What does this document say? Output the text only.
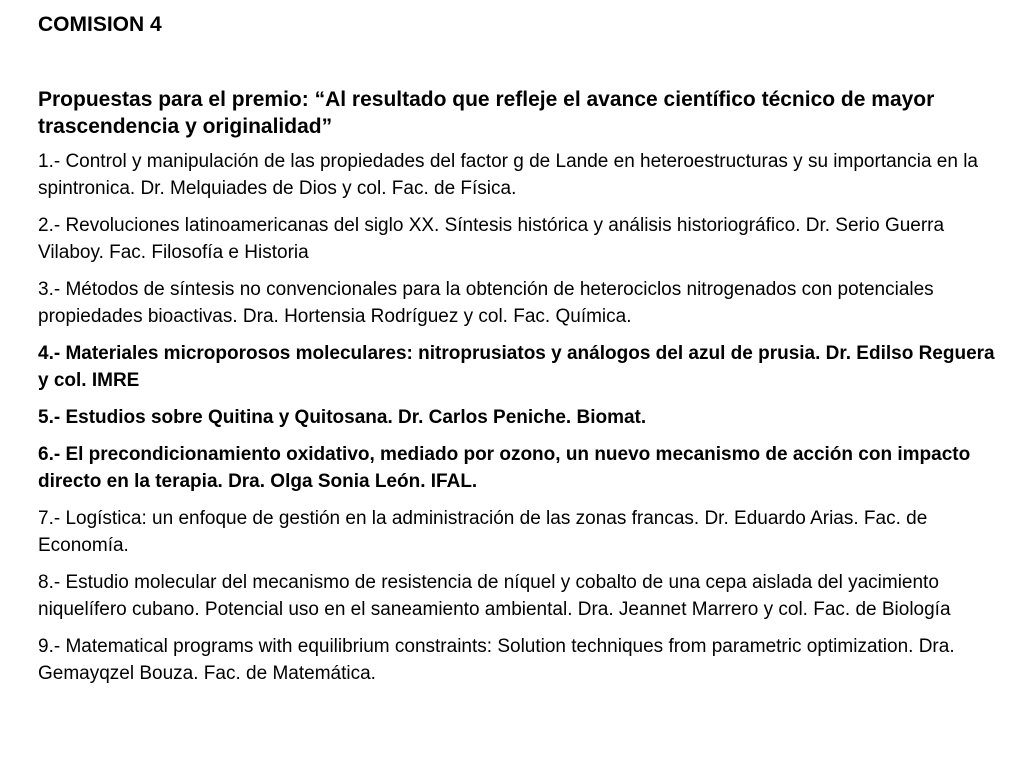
COMISION 4
Propuestas para el premio: “Al resultado que refleje el avance científico técnico de mayor trascendencia y originalidad”
1.- Control y manipulación de las propiedades del factor g de Lande en heteroestructuras y su importancia en la spintronica. Dr. Melquiades de Dios y col. Fac. de Física.
2.- Revoluciones latinoamericanas del siglo XX. Síntesis histórica y análisis historiográfico. Dr. Serio Guerra Vilaboy. Fac. Filosofía e Historia
3.- Métodos de síntesis no convencionales para la obtención de heterociclos nitrogenados con potenciales propiedades bioactivas. Dra. Hortensia Rodríguez y col. Fac. Química.
4.- Materiales microporosos moleculares: nitroprusiatos y análogos del azul de prusia. Dr. Edilso Reguera y col. IMRE
5.- Estudios sobre Quitina y Quitosana. Dr. Carlos Peniche. Biomat.
6.- El precondicionamiento oxidativo, mediado por ozono, un nuevo mecanismo de acción con impacto directo en la terapia. Dra. Olga Sonia León. IFAL.
7.- Logística: un enfoque de gestión en la administración de las zonas francas. Dr. Eduardo Arias. Fac. de Economía.
8.- Estudio molecular del mecanismo de resistencia de níquel y cobalto de una cepa aislada del yacimiento niquelífero cubano. Potencial uso en el saneamiento ambiental. Dra. Jeannet Marrero y col. Fac. de Biología
9.- Matematical programs with equilibrium constraints: Solution techniques from parametric optimization. Dra. Gemayqzel Bouza. Fac. de Matemática.
